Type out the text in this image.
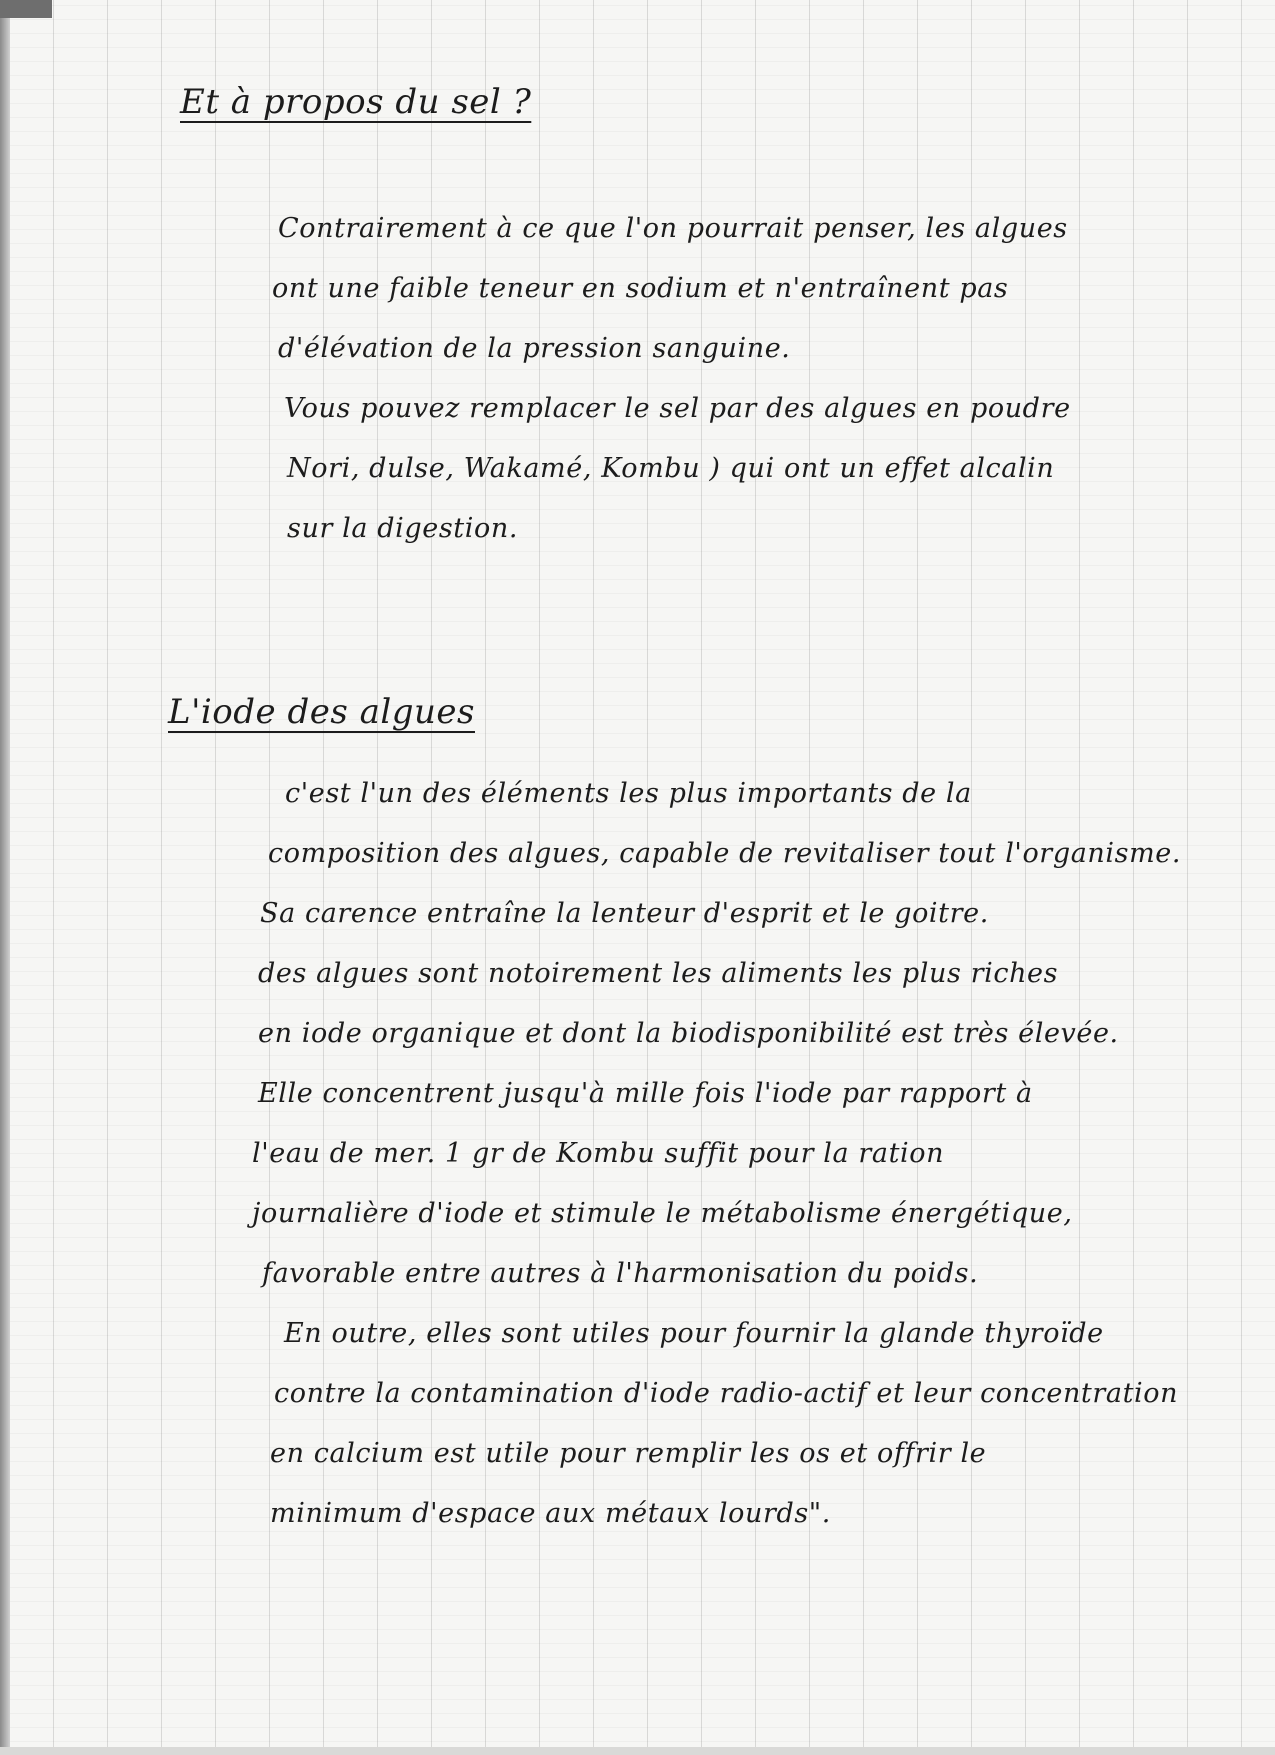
Et à propos du sel ?
Contrairement à ce que l'on pourrait penser, les algues
ont une faible teneur en sodium et n'entraînent pas
d'élévation de la pression sanguine.
Vous pouvez remplacer le sel par des algues en poudre
Nori, dulse, Wakamé, Kombu ) qui ont un effet alcalin
sur la digestion.
L'iode des algues
c'est l'un des éléments les plus importants de la
composition des algues, capable de revitaliser tout l'organisme.
Sa carence entraîne la lenteur d'esprit et le goitre.
des algues sont notoirement les aliments les plus riches
en iode organique et dont la biodisponibilité est très élevée.
Elle concentrent jusqu'à mille fois l'iode par rapport à
l'eau de mer. 1 gr de Kombu suffit pour la ration
journalière d'iode et stimule le métabolisme énergétique,
favorable entre autres à l'harmonisation du poids.
En outre, elles sont utiles pour fournir la glande thyroïde
contre la contamination d'iode radio-actif et leur concentration
en calcium est utile pour remplir les os et offrir le
minimum d'espace aux métaux lourds".
